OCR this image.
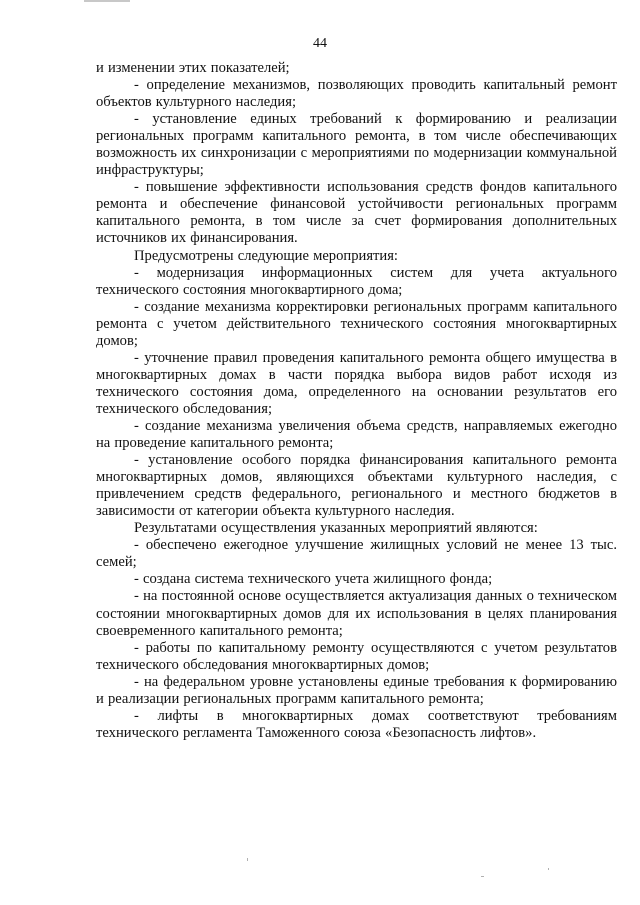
44

и изменении этих показателей;

- определение механизмов, позволяющих проводить капитальный ремонт объектов культурного наследия;

- установление единых требований к формированию и реализации региональных программ капитального ремонта, в том числе обеспечивающих возможность их синхронизации с мероприятиями по модернизации коммунальной инфраструктуры;

- повышение эффективности использования средств фондов капитального ремонта и обеспечение финансовой устойчивости региональных программ капитального ремонта, в том числе за счет формирования дополнительных источников их финансирования.

Предусмотрены следующие мероприятия:

- модернизация информационных систем для учета актуального технического состояния многоквартирного дома;

- создание механизма корректировки региональных программ капитального ремонта с учетом действительного технического состояния многоквартирных домов;

- уточнение правил проведения капитального ремонта общего имущества в многоквартирных домах в части порядка выбора видов работ исходя из технического состояния дома, определенного на основании результатов его технического обследования;

- создание механизма увеличения объема средств, направляемых ежегодно на проведение капитального ремонта;

- установление особого порядка финансирования капитального ремонта многоквартирных домов, являющихся объектами культурного наследия, с привлечением средств федерального, регионального и местного бюджетов в зависимости от категории объекта культурного наследия.

Результатами осуществления указанных мероприятий являются:

- обеспечено ежегодное улучшение жилищных условий не менее 13 тыс. семей;

- создана система технического учета жилищного фонда;

- на постоянной основе осуществляется актуализация данных о техническом состоянии многоквартирных домов для их использования в целях планирования своевременного капитального ремонта;

- работы по капитальному ремонту осуществляются с учетом результатов технического обследования многоквартирных домов;

- на федеральном уровне установлены единые требования к формированию и реализации региональных программ капитального ремонта;

- лифты в многоквартирных домах соответствуют требованиям технического регламента Таможенного союза «Безопасность лифтов».
